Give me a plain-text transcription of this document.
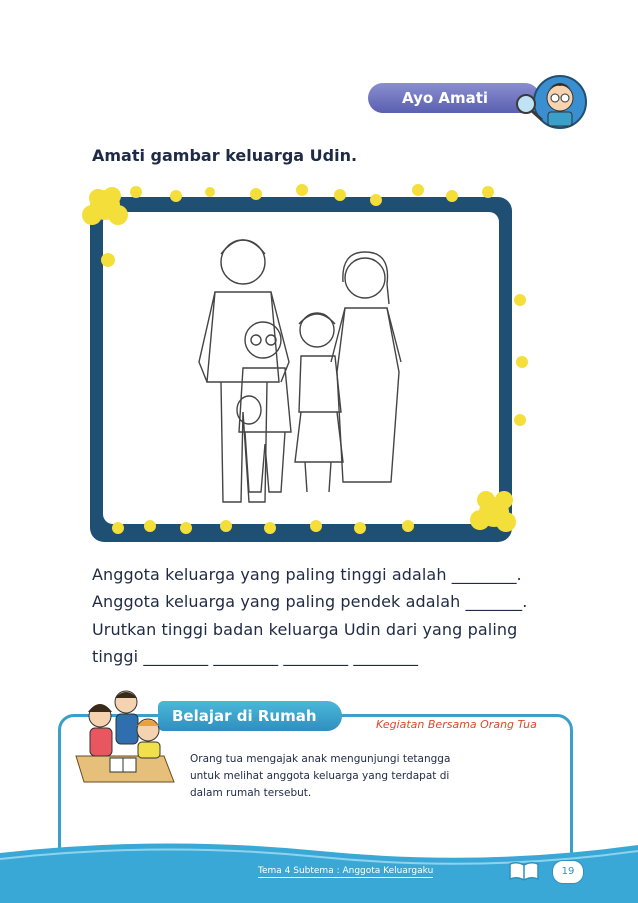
Ayo Amati
Amati gambar keluarga Udin.
Anggota keluarga yang paling tinggi adalah ________.
Anggota keluarga yang paling pendek adalah _______.
Urutkan tinggi badan keluarga Udin dari yang paling
tinggi ________ ________ ________ ________
Belajar di Rumah	Kegiatan Bersama Orang Tua
Orang tua mengajak anak mengunjungi tetangga
untuk melihat anggota keluarga yang terdapat di
dalam rumah tersebut.
Tema 4 Subtema : Anggota Keluargaku	19
